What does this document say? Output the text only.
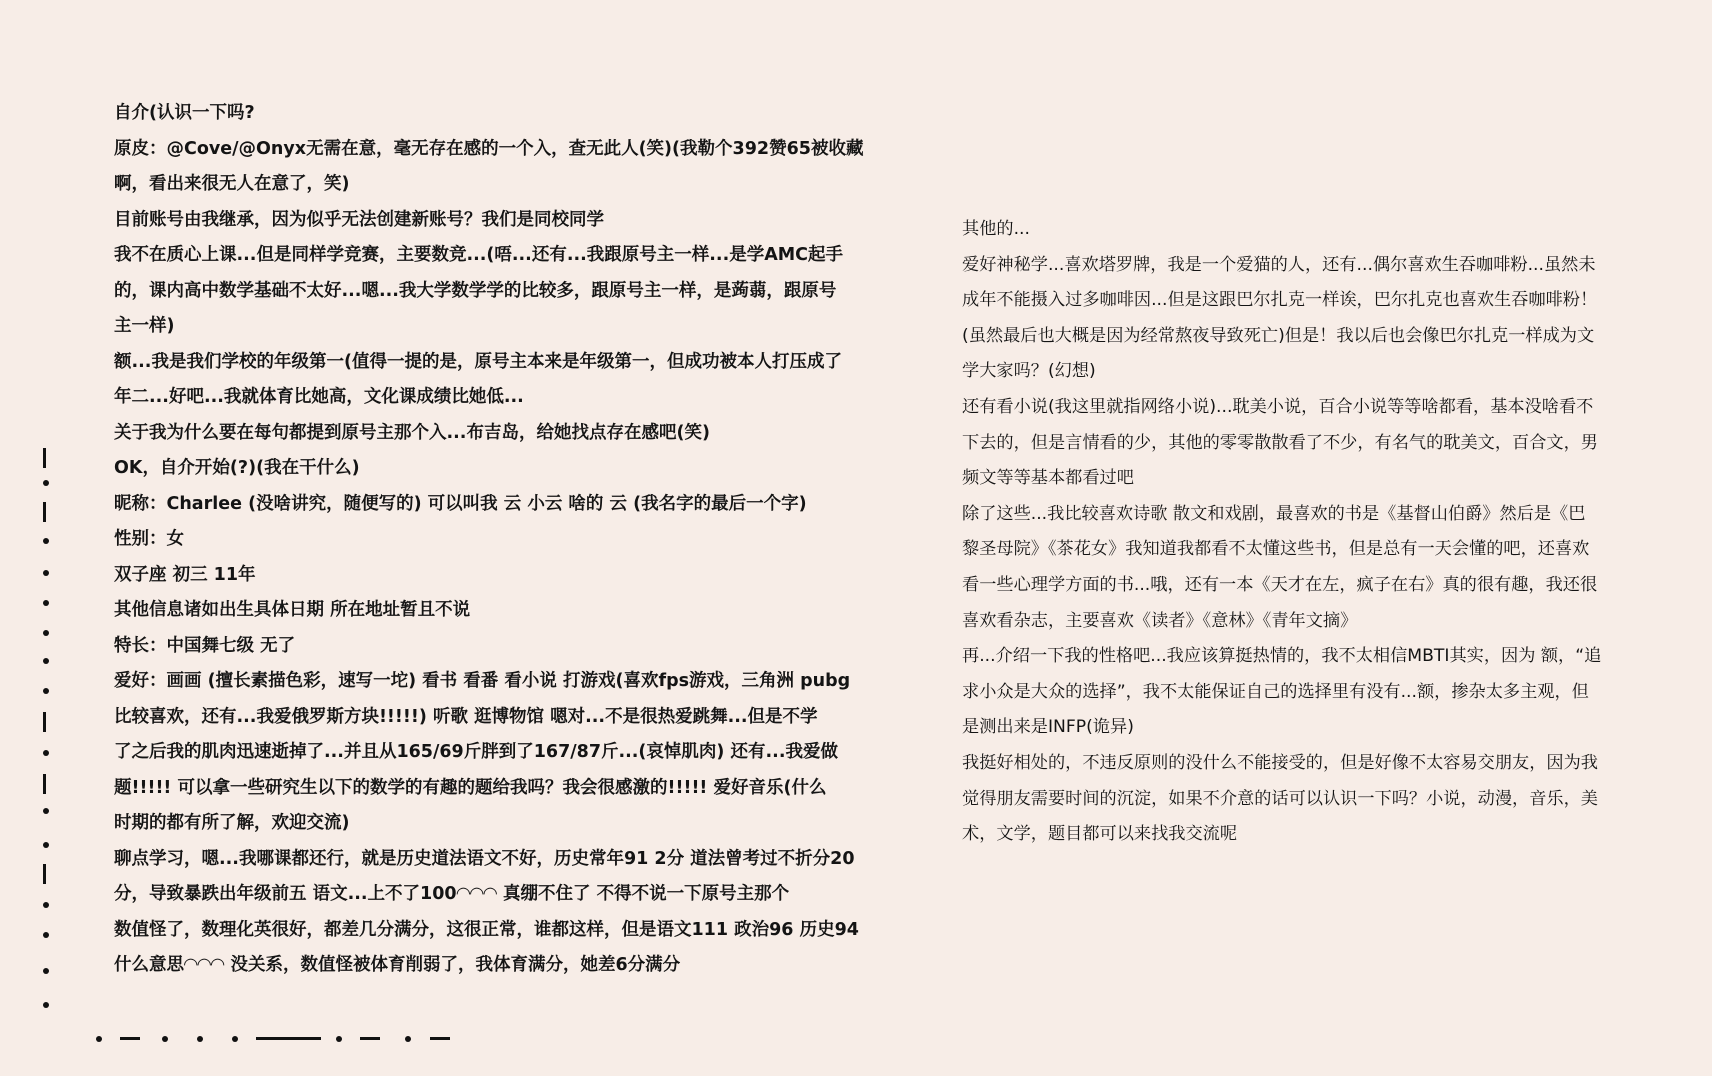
自介(认识一下吗?
原皮：@Cove/@Onyx无需在意，毫无存在感的一个入，查无此人(笑)(我勒个392赞65被收藏
啊，看出来很无人在意了，笑)
目前账号由我继承，因为似乎无法创建新账号？我们是同校同学
我不在质心上课...但是同样学竞赛，主要数竞...(唔...还有...我跟原号主一样...是学AMC起手
的，课内高中数学基础不太好...嗯...我大学数学学的比较多，跟原号主一样，是蒟蒻，跟原号
主一样)
额...我是我们学校的年级第一(值得一提的是，原号主本来是年级第一，但成功被本人打压成了
年二...好吧...我就体育比她高，文化课成绩比她低...
关于我为什么要在每句都提到原号主那个入...布吉岛，给她找点存在感吧(笑)
OK，自介开始(?)(我在干什么)
昵称：Charlee (没啥讲究，随便写的) 可以叫我 云 小云 啥的 云 (我名字的最后一个字)
性别：女
双子座 初三 11年
其他信息诸如出生具体日期 所在地址暂且不说
特长：中国舞七级 无了
爱好：画画 (擅长素描色彩，速写一坨) 看书 看番 看小说 打游戏(喜欢fps游戏，三角洲 pubg
比较喜欢，还有...我爱俄罗斯方块!!!!!) 听歌 逛博物馆 嗯对...不是很热爱跳舞...但是不学
了之后我的肌肉迅速逝掉了...并且从165/69斤胖到了167/87斤...(哀悼肌肉) 还有...我爱做
题!!!!! 可以拿一些研究生以下的数学的有趣的题给我吗？我会很感激的!!!!! 爱好音乐(什么
时期的都有所了解，欢迎交流)
聊点学习，嗯...我哪课都还行，就是历史道法语文不好，历史常年91 2分 道法曾考过不折分20
分，导致暴跌出年级前五 语文...上不了100◠◠◠ 真绷不住了 不得不说一下原号主那个
数值怪了，数理化英很好，都差几分满分，这很正常，谁都这样，但是语文111 政治96 历史94
什么意思◠◠◠ 没关系，数值怪被体育削弱了，我体育满分，她差6分满分
其他的...
爱好神秘学...喜欢塔罗牌，我是一个爱猫的人，还有...偶尔喜欢生吞咖啡粉...虽然未
成年不能摄入过多咖啡因...但是这跟巴尔扎克一样诶，巴尔扎克也喜欢生吞咖啡粉！
(虽然最后也大概是因为经常熬夜导致死亡)但是！我以后也会像巴尔扎克一样成为文
学大家吗？(幻想)
还有看小说(我这里就指网络小说)...耽美小说，百合小说等等啥都看，基本没啥看不
下去的，但是言情看的少，其他的零零散散看了不少，有名气的耽美文，百合文，男
频文等等基本都看过吧
除了这些...我比较喜欢诗歌 散文和戏剧，最喜欢的书是《基督山伯爵》然后是《巴
黎圣母院》《茶花女》我知道我都看不太懂这些书，但是总有一天会懂的吧，还喜欢
看一些心理学方面的书...哦，还有一本《天才在左，疯子在右》真的很有趣，我还很
喜欢看杂志，主要喜欢《读者》《意林》《青年文摘》
再...介绍一下我的性格吧...我应该算挺热情的，我不太相信MBTI其实，因为 额，“追
求小众是大众的选择”，我不太能保证自己的选择里有没有...额，掺杂太多主观，但
是测出来是INFP(诡异)
我挺好相处的，不违反原则的没什么不能接受的，但是好像不太容易交朋友，因为我
觉得朋友需要时间的沉淀，如果不介意的话可以认识一下吗？小说，动漫，音乐，美
术，文学，题目都可以来找我交流呢
